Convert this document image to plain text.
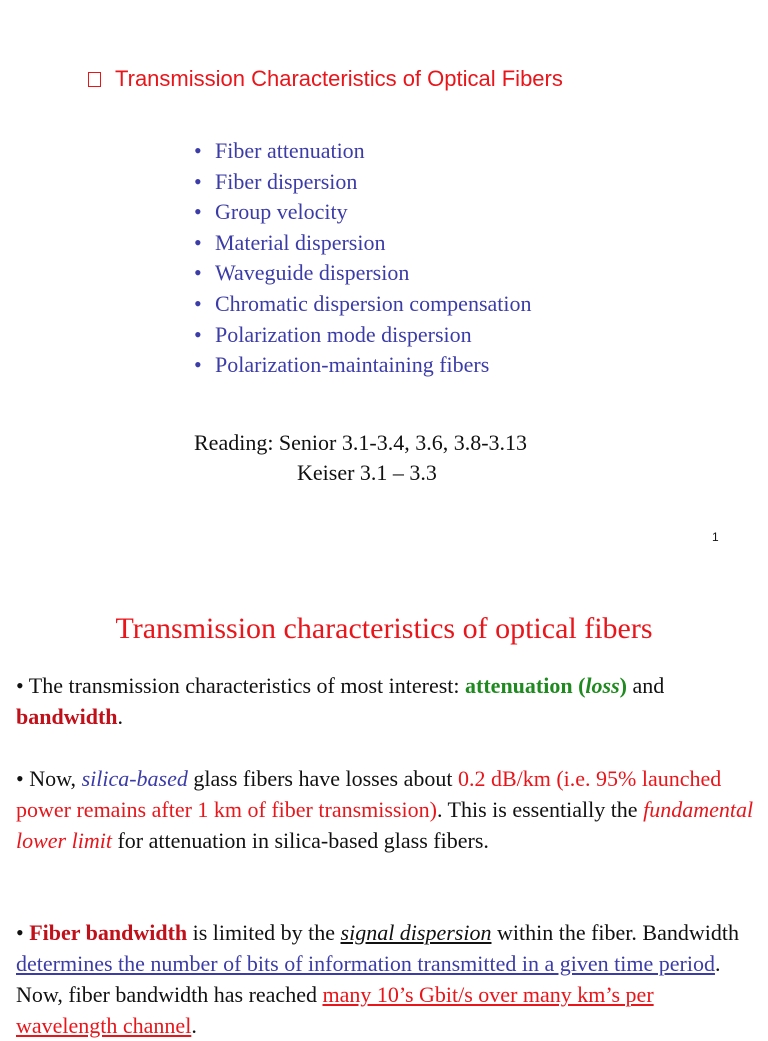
Transmission Characteristics of Optical Fibers
• Fiber attenuation
• Fiber dispersion
• Group velocity
• Material dispersion
• Waveguide dispersion
• Chromatic dispersion compensation
• Polarization mode dispersion
• Polarization-maintaining fibers
Reading: Senior 3.1-3.4, 3.6, 3.8-3.13
Keiser 3.1 – 3.3
1
Transmission characteristics of optical fibers

• The transmission characteristics of most interest: attenuation (loss) and bandwidth.

• Now, silica-based glass fibers have losses about 0.2 dB/km (i.e. 95% launched power remains after 1 km of fiber transmission). This is essentially the fundamental lower limit for attenuation in silica-based glass fibers.

• Fiber bandwidth is limited by the signal dispersion within the fiber. Bandwidth determines the number of bits of information transmitted in a given time period. Now, fiber bandwidth has reached many 10’s Gbit/s over many km’s per wavelength channel.
